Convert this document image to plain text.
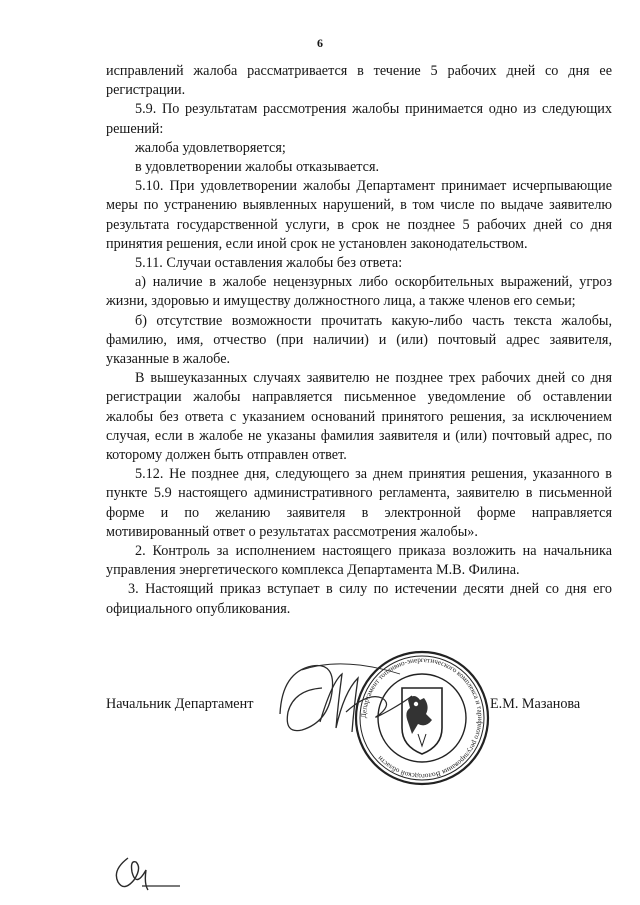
6

исправлений жалоба рассматривается в течение 5 рабочих дней со дня ее регистрации.

5.9. По результатам рассмотрения жалобы принимается одно из следующих решений:

жалоба удовлетворяется;

в удовлетворении жалобы отказывается.

5.10. При удовлетворении жалобы Департамент принимает исчерпывающие меры по устранению выявленных нарушений, в том числе по выдаче заявителю результата государственной услуги, в срок не позднее 5 рабочих дней со дня принятия решения, если иной срок не установлен законодательством.

5.11. Случаи оставления жалобы без ответа:

а) наличие в жалобе нецензурных либо оскорбительных выражений, угроз жизни, здоровью и имуществу должностного лица, а также членов его семьи;

б) отсутствие возможности прочитать какую-либо часть текста жалобы, фамилию, имя, отчество (при наличии) и (или) почтовый адрес заявителя, указанные в жалобе.

В вышеуказанных случаях заявителю не позднее трех рабочих дней со дня регистрации жалобы направляется письменное уведомление об оставлении жалобы без ответа с указанием оснований принятого решения, за исключением случая, если в жалобе не указаны фамилия заявителя и (или) почтовый адрес, по которому должен быть отправлен ответ.

5.12. Не позднее дня, следующего за днем принятия решения, указанного в пункте 5.9 настоящего административного регламента, заявителю в письменной форме и по желанию заявителя в электронной форме направляется мотивированный ответ о результатах рассмотрения жалобы».

2. Контроль за исполнением настоящего приказа возложить на начальника управления энергетического комплекса Департамента М.В. Филина.

3. Настоящий приказ вступает в силу по истечении десяти дней со дня его официального опубликования.

Начальник Департамент	Е.М. Мазанова
Департамент топливно-энергетического комплекса и тарифного регулирования Вологодской области
